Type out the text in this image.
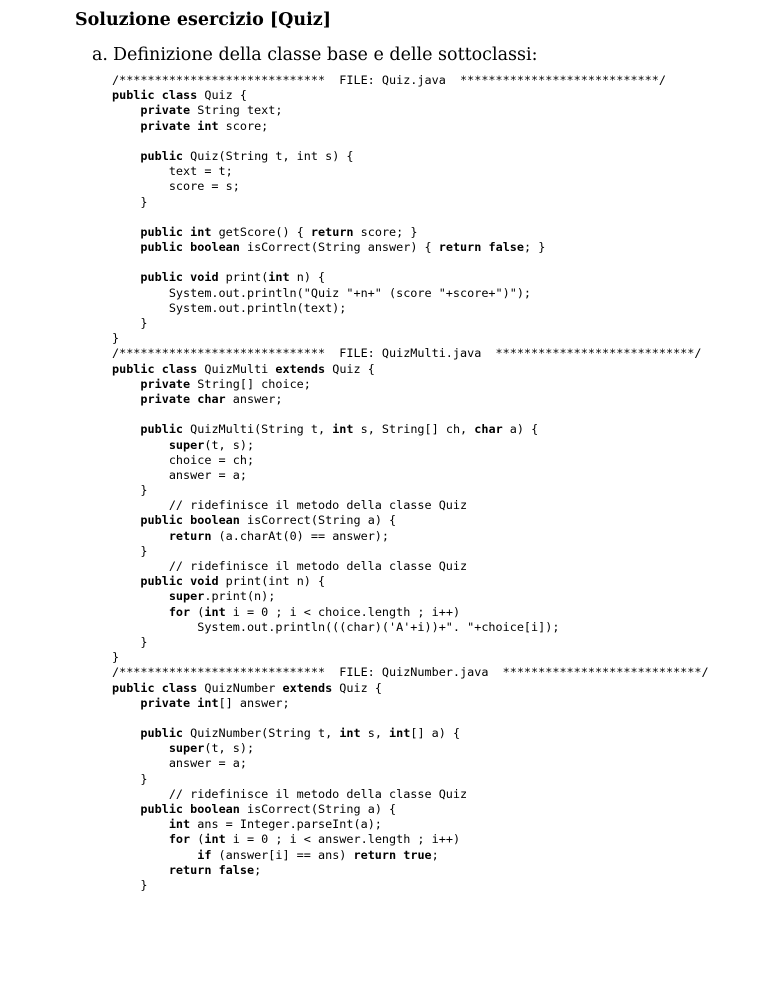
Soluzione esercizio [Quiz]

a. Definizione della classe base e delle sottoclassi:

/*****************************  FILE: Quiz.java  ****************************/
public class Quiz {
private String text;
private int score;
public Quiz(String t, int s) {
text = t;
score = s;
}
public int getScore() { return score; }
public boolean isCorrect(String answer) { return false; }
public void print(int n) {
System.out.println("Quiz "+n+" (score "+score+")");
System.out.println(text);
}
}
/*****************************  FILE: QuizMulti.java  ****************************/
public class QuizMulti extends Quiz {
private String[] choice;
private char answer;
public QuizMulti(String t, int s, String[] ch, char a) {
super(t, s);
choice = ch;
answer = a;
}
// ridefinisce il metodo della classe Quiz
public boolean isCorrect(String a) {
return (a.charAt(0) == answer);
}
// ridefinisce il metodo della classe Quiz
public void print(int n) {
super.print(n);
for (int i = 0 ; i < choice.length ; i++)
System.out.println(((char)('A'+i))+". "+choice[i]);
}
}
/*****************************  FILE: QuizNumber.java  ****************************/
public class QuizNumber extends Quiz {
private int[] answer;
public QuizNumber(String t, int s, int[] a) {
super(t, s);
answer = a;
}
// ridefinisce il metodo della classe Quiz
public boolean isCorrect(String a) {
int ans = Integer.parseInt(a);
for (int i = 0 ; i < answer.length ; i++)
if (answer[i] == ans) return true;
return false;
}
